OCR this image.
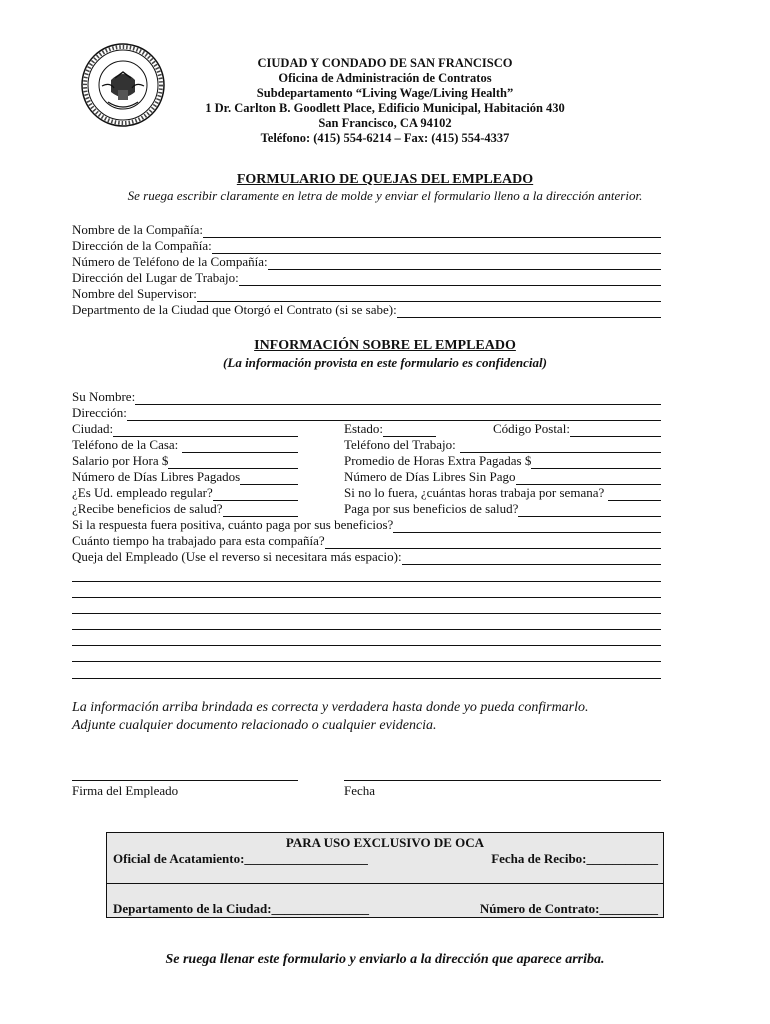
CIUDAD Y CONDADO DE SAN FRANCISCO
Oficina de Administración de Contratos
Subdepartamento “Living Wage/Living Health”
1 Dr. Carlton B. Goodlett Place, Edificio Municipal, Habitación 430
San Francisco, CA 94102
Teléfono: (415) 554-6214 – Fax: (415) 554-4337
FORMULARIO DE QUEJAS DEL EMPLEADO
Se ruega escribir claramente en letra de molde y enviar el formulario lleno a la dirección anterior.
Nombre de la Compañía:
Dirección de la Compañía:
Número de Teléfono de la Compañía:
Dirección del Lugar de Trabajo:
Nombre del Supervisor:
Departmento de la Ciudad que Otorgó el Contrato (si se sabe):
INFORMACIÓN SOBRE EL EMPLEADO
(La información provista en este formulario es confidencial)
Su Nombre:
Dirección:
Ciudad:	Estado:	Código Postal:
Teléfono de la Casa:	Teléfono del Trabajo:
Salario por Hora $	Promedio de Horas Extra Pagadas $
Número de Días Libres Pagados	Número de Días Libres Sin Pago
¿Es Ud. empleado regular?	Si no lo fuera, ¿cuántas horas trabaja por semana?
¿Recibe beneficios de salud?	Paga por sus beneficios de salud?
Si la respuesta fuera positiva, cuánto paga por sus beneficios?
Cuánto tiempo ha trabajado para esta compañía?
Queja del Empleado (Use el reverso si necesitara más espacio):
La información arriba brindada es correcta y verdadera hasta donde yo pueda confirmarlo.
Adjunte cualquier documento relacionado o cualquier evidencia.
Firma del Empleado	Fecha
PARA USO EXCLUSIVO DE OCA
Oficial de Acatamiento:___________________	Fecha de Recibo:___________
Departamento de la Ciudad:_______________	Número de Contrato:_________
Se ruega llenar este formulario y enviarlo a la dirección que aparece arriba.
